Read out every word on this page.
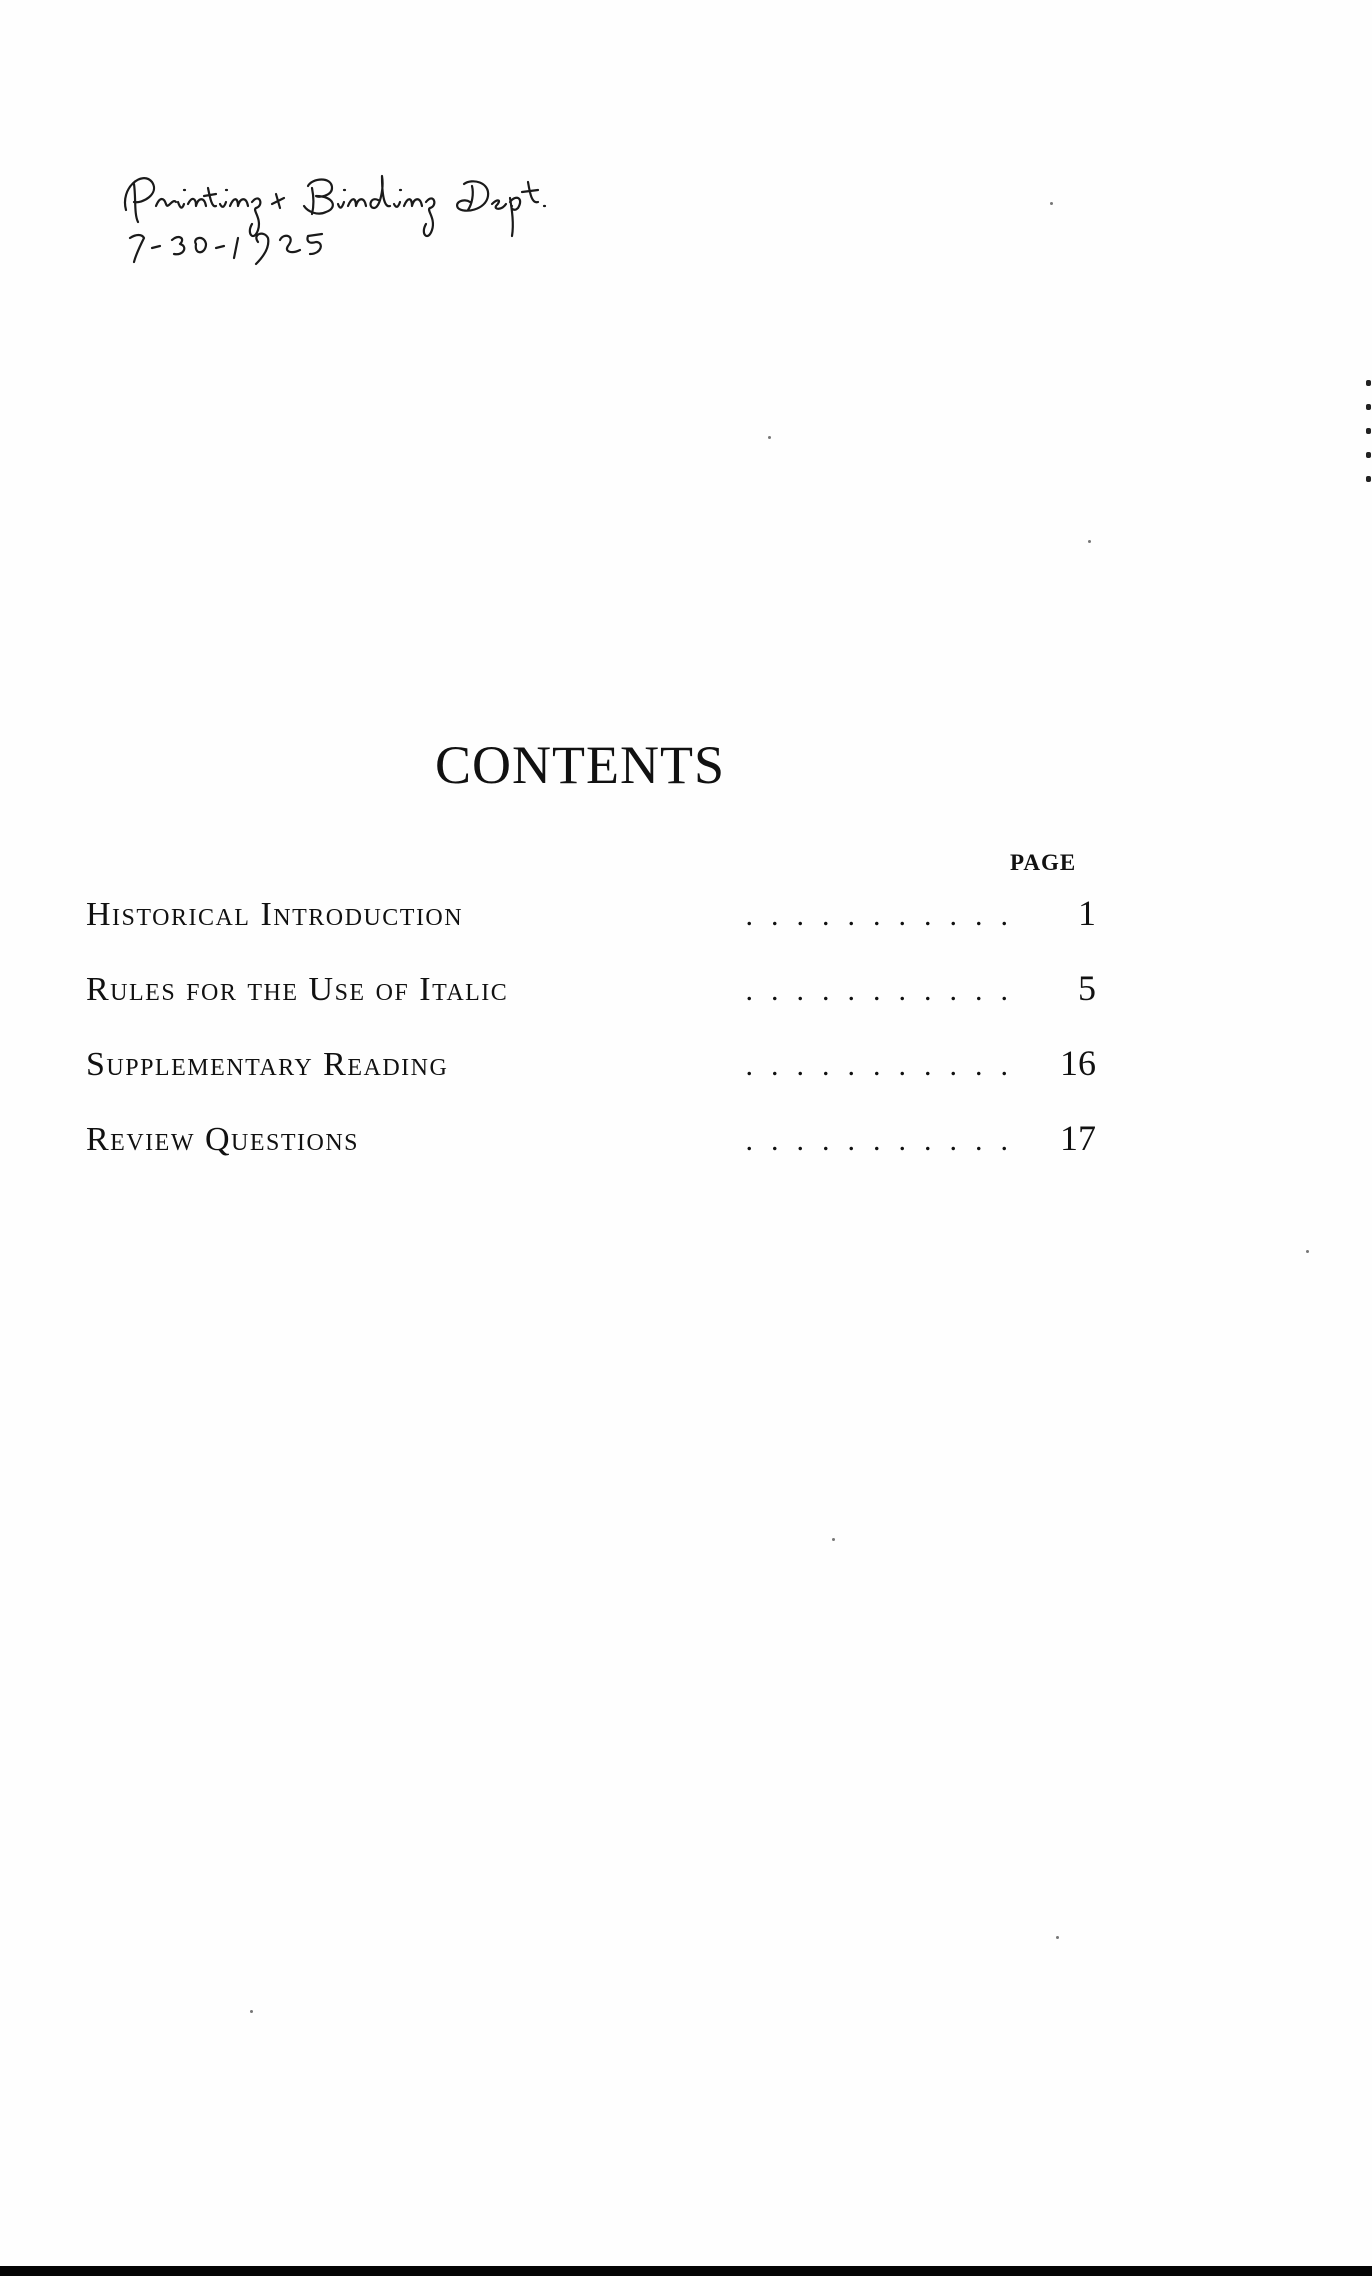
CONTENTS
PAGE
Historical Introduction	...........	1
Rules for the Use of Italic	...........	5
Supplementary Reading	........... 16
Review Questions	........... 17
